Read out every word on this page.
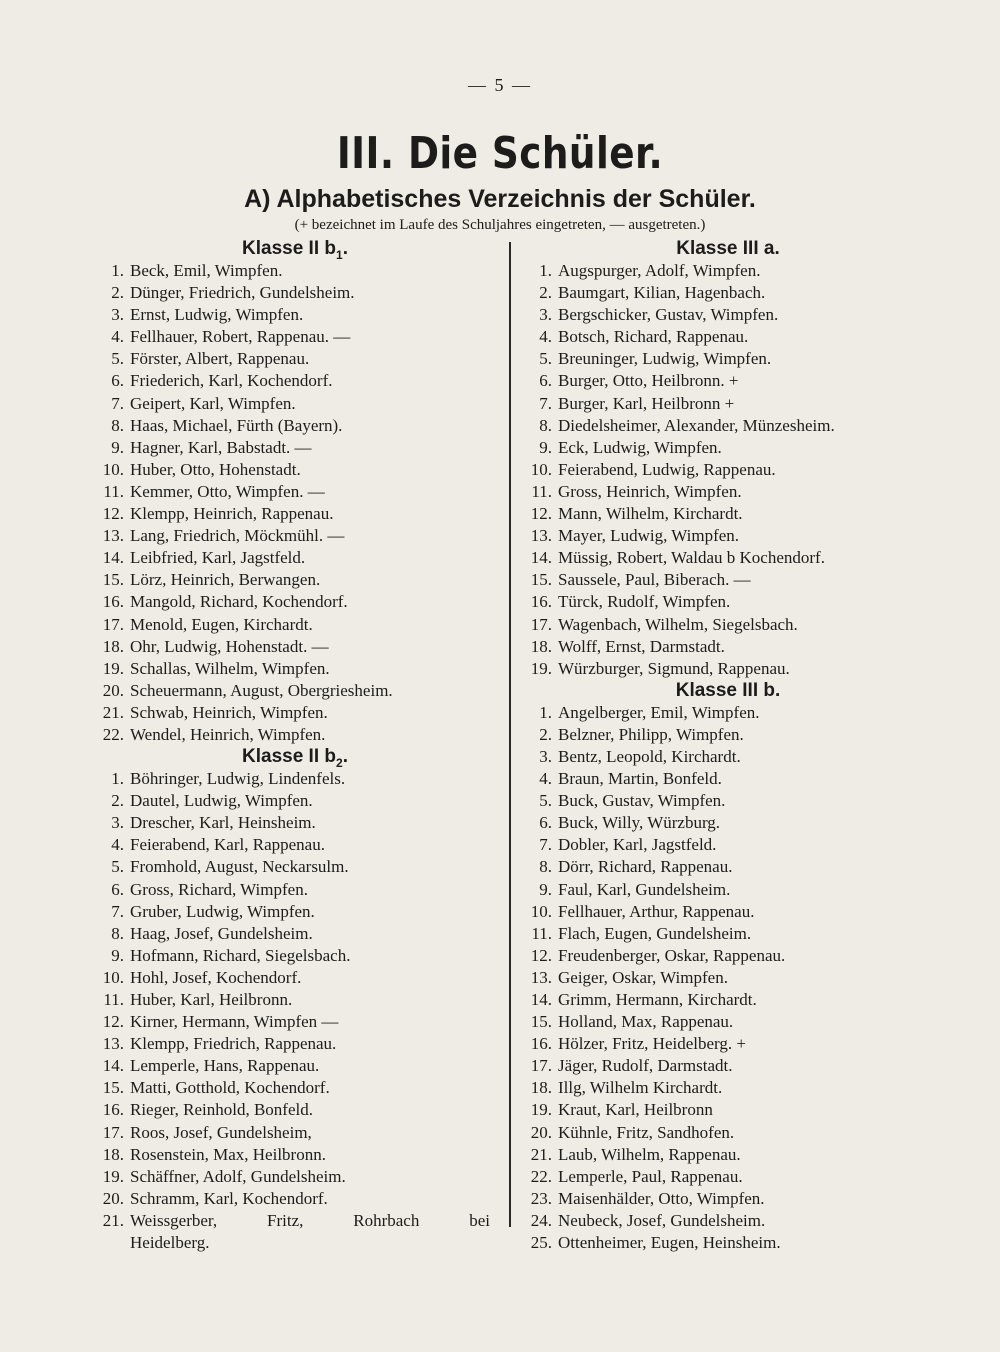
— 5 —
III. Die Schüler.
A) Alphabetisches Verzeichnis der Schüler.
(+ bezeichnet im Laufe des Schuljahres eingetreten, — ausgetreten.)
Klasse II $b_1$.
1. Beck, Emil, Wimpfen.
2. Dünger, Friedrich, Gundelsheim.
3. Ernst, Ludwig, Wimpfen.
4. Fellhauer, Robert, Rappenau. —
5. Förster, Albert, Rappenau.
6. Friederich, Karl, Kochendorf.
7. Geipert, Karl, Wimpfen.
8. Haas, Michael, Fürth (Bayern).
9. Hagner, Karl, Babstadt. —
10. Huber, Otto, Hohenstadt.
11. Kemmer, Otto, Wimpfen. —
12. Klempp, Heinrich, Rappenau.
13. Lang, Friedrich, Möckmühl. —
14. Leibfried, Karl, Jagstfeld.
15. Lörz, Heinrich, Berwangen.
16. Mangold, Richard, Kochendorf.
17. Menold, Eugen, Kirchardt.
18. Ohr, Ludwig, Hohenstadt. —
19. Schallas, Wilhelm, Wimpfen.
20. Scheuermann, August, Obergriesheim.
21. Schwab, Heinrich, Wimpfen.
22. Wendel, Heinrich, Wimpfen.
Klasse II $b_2$.
1. Böhringer, Ludwig, Lindenfels.
2. Dautel, Ludwig, Wimpfen.
3. Drescher, Karl, Heinsheim.
4. Feierabend, Karl, Rappenau.
5. Fromhold, August, Neckarsulm.
6. Gross, Richard, Wimpfen.
7. Gruber, Ludwig, Wimpfen.
8. Haag, Josef, Gundelsheim.
9. Hofmann, Richard, Siegelsbach.
10. Hohl, Josef, Kochendorf.
11. Huber, Karl, Heilbronn.
12. Kirner, Hermann, Wimpfen —
13. Klempp, Friedrich, Rappenau.
14. Lemperle, Hans, Rappenau.
15. Matti, Gotthold, Kochendorf.
16. Rieger, Reinhold, Bonfeld.
17. Roos, Josef, Gundelsheim,
18. Rosenstein, Max, Heilbronn.
19. Schäffner, Adolf, Gundelsheim.
20. Schramm, Karl, Kochendorf.
21. Weissgerber,	Fritz,	Rohrbach	bei
Heidelberg.
Klasse III a.
1. Augspurger, Adolf, Wimpfen.
2. Baumgart, Kilian, Hagenbach.
3. Bergschicker, Gustav, Wimpfen.
4. Botsch, Richard, Rappenau.
5. Breuninger, Ludwig, Wimpfen.
6. Burger, Otto, Heilbronn. +
7. Burger, Karl, Heilbronn +
8. Diedelsheimer, Alexander, Münzesheim.
9. Eck, Ludwig, Wimpfen.
10. Feierabend, Ludwig, Rappenau.
11. Gross, Heinrich, Wimpfen.
12. Mann, Wilhelm, Kirchardt.
13. Mayer, Ludwig, Wimpfen.
14. Müssig, Robert, Waldau b Kochendorf.
15. Saussele, Paul, Biberach. —
16. Türck, Rudolf, Wimpfen.
17. Wagenbach, Wilhelm, Siegelsbach.
18. Wolff, Ernst, Darmstadt.
19. Würzburger, Sigmund, Rappenau.
Klasse III b.
1. Angelberger, Emil, Wimpfen.
2. Belzner, Philipp, Wimpfen.
3. Bentz, Leopold, Kirchardt.
4. Braun, Martin, Bonfeld.
5. Buck, Gustav, Wimpfen.
6. Buck, Willy, Würzburg.
7. Dobler, Karl, Jagstfeld.
8. Dörr, Richard, Rappenau.
9. Faul, Karl, Gundelsheim.
10. Fellhauer, Arthur, Rappenau.
11. Flach, Eugen, Gundelsheim.
12. Freudenberger, Oskar, Rappenau.
13. Geiger, Oskar, Wimpfen.
14. Grimm, Hermann, Kirchardt.
15. Holland, Max, Rappenau.
16. Hölzer, Fritz, Heidelberg. +
17. Jäger, Rudolf, Darmstadt.
18. Illg, Wilhelm Kirchardt.
19. Kraut, Karl, Heilbronn
20. Kühnle, Fritz, Sandhofen.
21. Laub, Wilhelm, Rappenau.
22. Lemperle, Paul, Rappenau.
23. Maisenhälder, Otto, Wimpfen.
24. Neubeck, Josef, Gundelsheim.
25. Ottenheimer, Eugen, Heinsheim.
